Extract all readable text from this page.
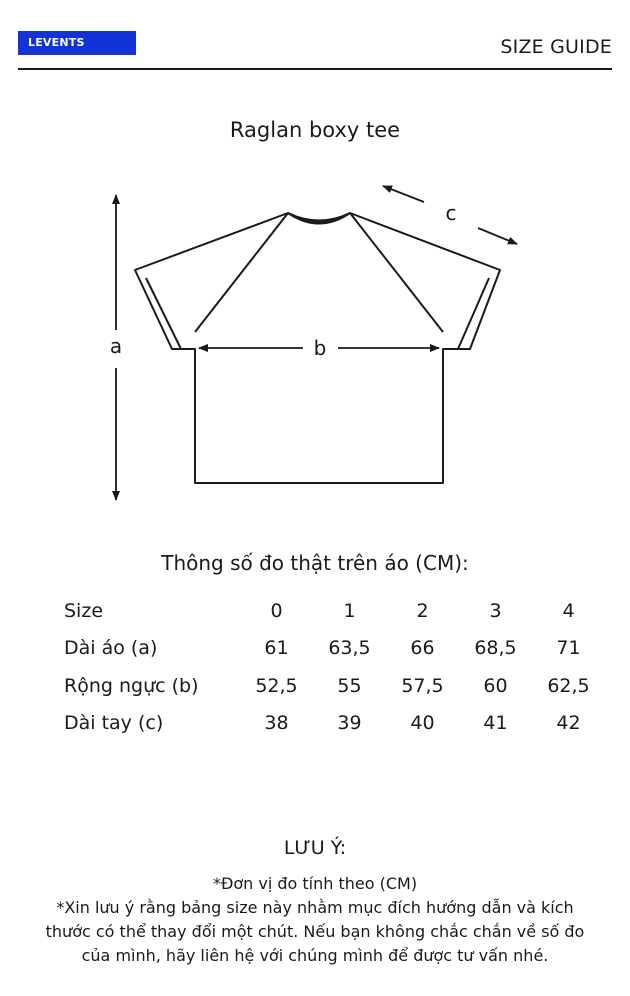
LEVENTS	SIZE GUIDE
Raglan boxy tee
a	b
c
Thông số đo thật trên áo (CM):
Size	0	1	2	3	4
Dài áo (a)	61	63,5	66	68,5	71
Rộng ngực (b)	52,5	55	57,5	60	62,5
Dài tay (c)	38	39	40	41	42
LƯU Ý:
*Đơn vị đo tính theo (CM)
*Xin lưu ý rằng bảng size này nhằm mục đích hướng dẫn và kích thước có thể thay đổi một chút. Nếu bạn không chắc chắn về số đo của mình, hãy liên hệ với chúng mình để được tư vấn nhé.
